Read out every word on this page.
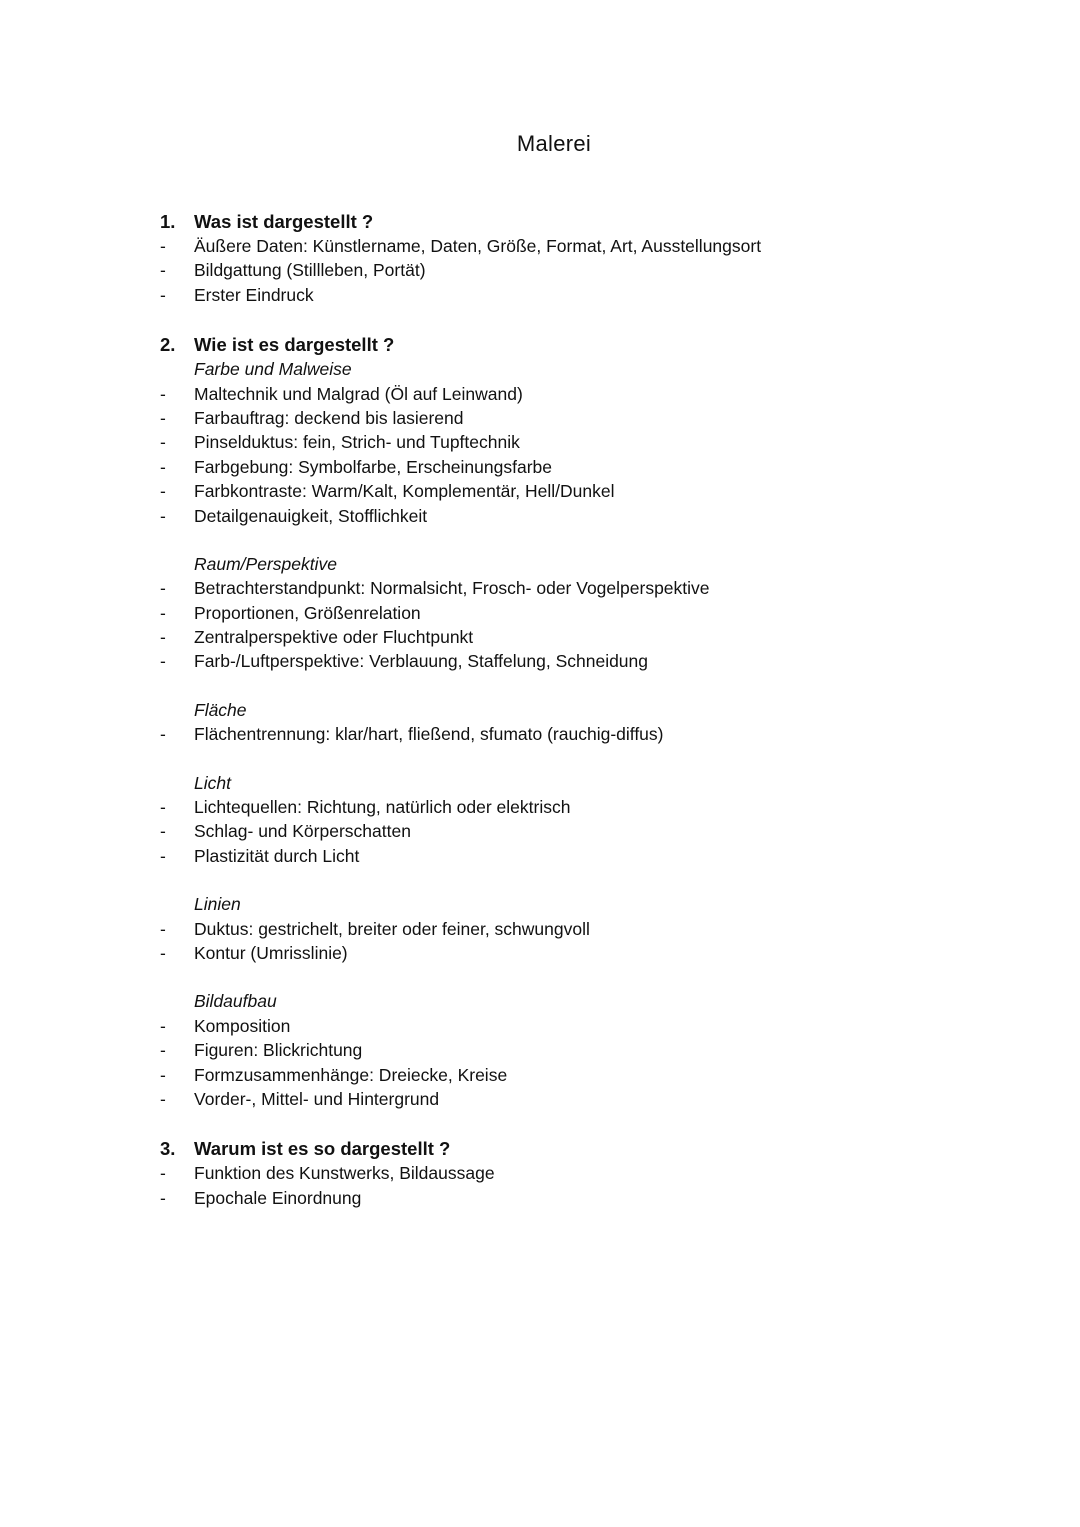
Malerei
1. Was ist dargestellt ?
- Äußere Daten: Künstlername, Daten, Größe, Format, Art, Ausstellungsort
- Bildgattung (Stillleben, Portät)
- Erster Eindruck
2. Wie ist es dargestellt ?
Farbe und Malweise
- Maltechnik und Malgrad (Öl auf Leinwand)
- Farbauftrag: deckend bis lasierend
- Pinselduktus: fein, Strich- und Tupftechnik
- Farbgebung: Symbolfarbe, Erscheinungsfarbe
- Farbkontraste: Warm/Kalt, Komplementär, Hell/Dunkel
- Detailgenauigkeit, Stofflichkeit
Raum/Perspektive
- Betrachterstandpunkt: Normalsicht, Frosch- oder Vogelperspektive
- Proportionen, Größenrelation
- Zentralperspektive oder Fluchtpunkt
- Farb-/Luftperspektive: Verblauung, Staffelung, Schneidung
Fläche
- Flächentrennung: klar/hart, fließend, sfumato (rauchig-diffus)
Licht
- Lichtequellen: Richtung, natürlich oder elektrisch
- Schlag- und Körperschatten
- Plastizität durch Licht
Linien
- Duktus: gestrichelt, breiter oder feiner, schwungvoll
- Kontur (Umrisslinie)
Bildaufbau
- Komposition
- Figuren: Blickrichtung
- Formzusammenhänge: Dreiecke, Kreise
- Vorder-, Mittel- und Hintergrund
3. Warum ist es so dargestellt ?
- Funktion des Kunstwerks, Bildaussage
- Epochale Einordnung
